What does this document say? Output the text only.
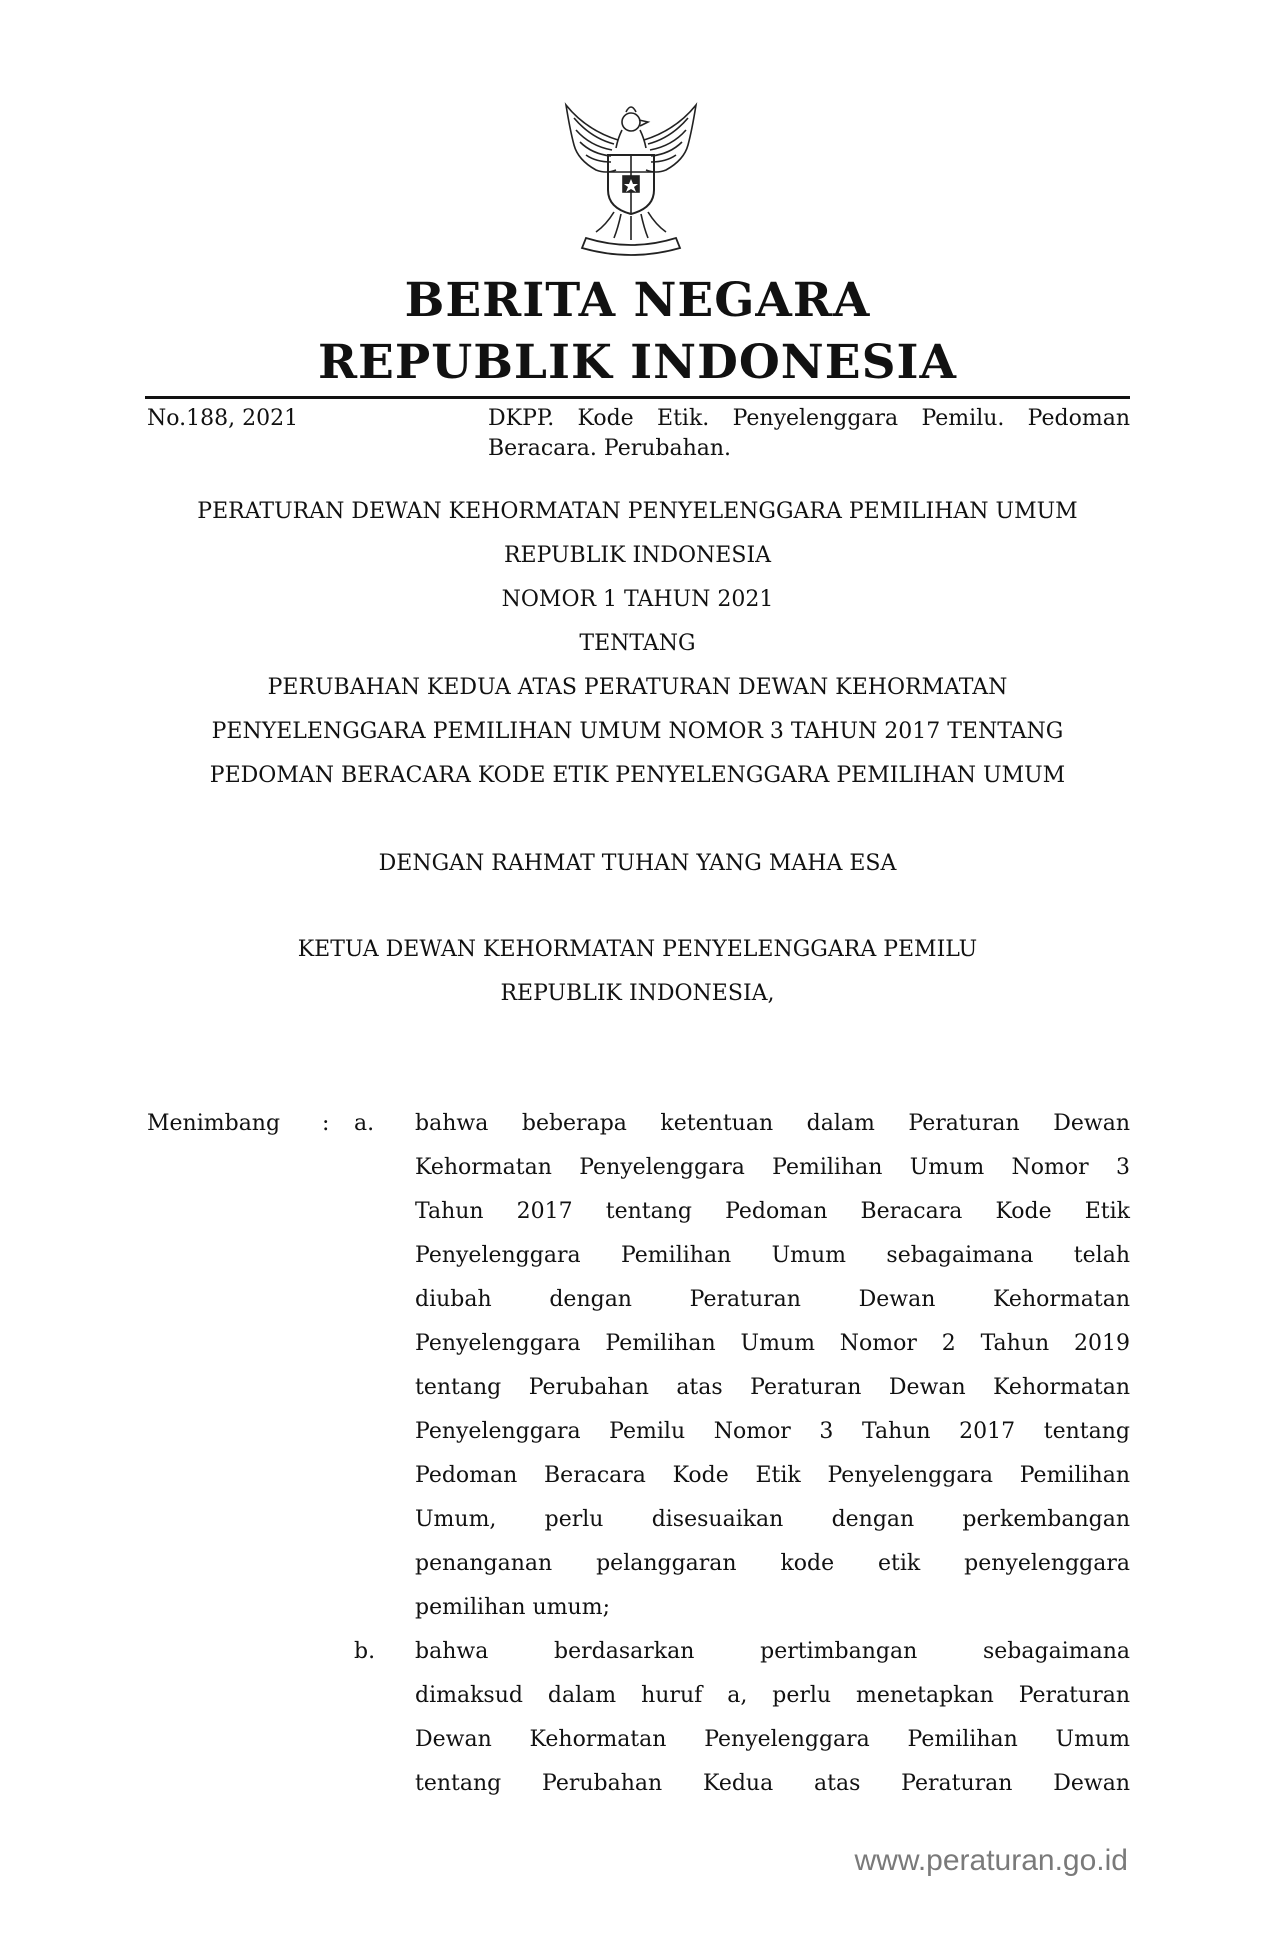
BERITA NEGARA
REPUBLIK INDONESIA
No.188, 2021	DKPP. Kode Etik. Penyelenggara Pemilu. Pedoman
Beracara. Perubahan.
PERATURAN DEWAN KEHORMATAN PENYELENGGARA PEMILIHAN UMUM
REPUBLIK INDONESIA
NOMOR 1 TAHUN 2021
TENTANG
PERUBAHAN KEDUA ATAS PERATURAN DEWAN KEHORMATAN
PENYELENGGARA PEMILIHAN UMUM NOMOR 3 TAHUN 2017 TENTANG
PEDOMAN BERACARA KODE ETIK PENYELENGGARA PEMILIHAN UMUM
DENGAN RAHMAT TUHAN YANG MAHA ESA
KETUA DEWAN KEHORMATAN PENYELENGGARA PEMILU
REPUBLIK INDONESIA,
Menimbang : a. bahwa beberapa ketentuan dalam Peraturan Dewan
Kehormatan Penyelenggara Pemilihan Umum Nomor 3
Tahun 2017 tentang Pedoman Beracara Kode Etik
Penyelenggara Pemilihan Umum sebagaimana telah
diubah dengan Peraturan Dewan Kehormatan
Penyelenggara Pemilihan Umum Nomor 2 Tahun 2019
tentang Perubahan atas Peraturan Dewan Kehormatan
Penyelenggara Pemilu Nomor 3 Tahun 2017 tentang
Pedoman Beracara Kode Etik Penyelenggara Pemilihan
Umum, perlu disesuaikan dengan perkembangan
penanganan pelanggaran kode etik penyelenggara
pemilihan umum;
b. bahwa berdasarkan pertimbangan sebagaimana
dimaksud dalam huruf a, perlu menetapkan Peraturan
Dewan Kehormatan Penyelenggara Pemilihan Umum
tentang Perubahan Kedua atas Peraturan Dewan
www.peraturan.go.id
